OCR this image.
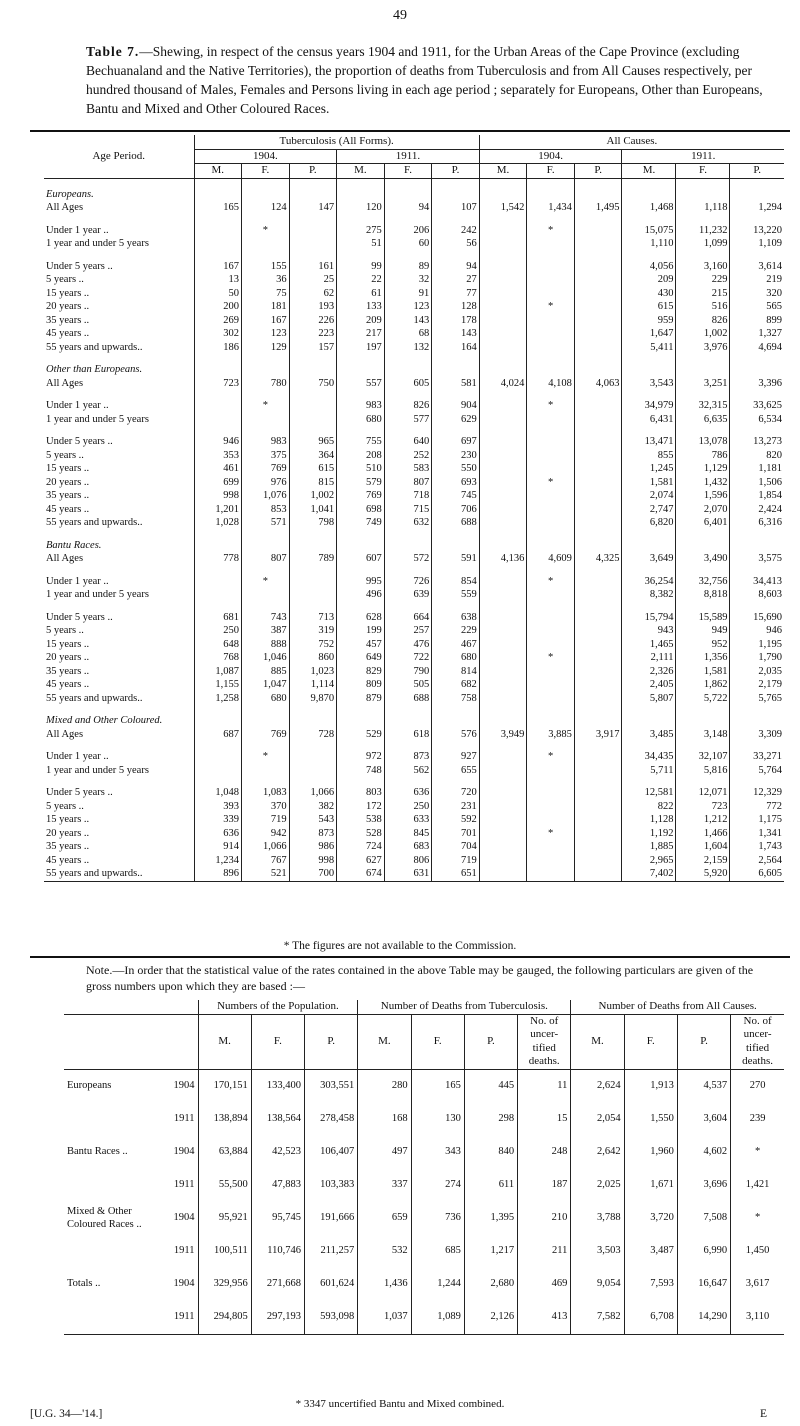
49
Table 7.—Shewing, in respect of the census years 1904 and 1911, for the Urban Areas of the Cape Province (excluding Bechuanaland and the Native Territories), the proportion of deaths from Tuberculosis and from All Causes respectively, per hundred thousand of Males, Females and Persons living in each age period ; separately for Europeans, Other than Europeans, Bantu and Mixed and Other Coloured Races.
Age Period.	Tuberculosis (All Forms).						All Causes.					
	1904.			1911.			1904.			1911.		
	M.	F.	P.	M.	F.	P.	M.	F.	P.	M.	F.	P.

Europeans.												
All Ages	165	124	147	120	94	107	1,542	1,434	1,495	1,468	1,118	1,294

Under 1 year ..		*		275	206	242		*		15,075	11,232	13,220
1 year and under 5 years				51	60	56				1,110	1,099	1,109

Under 5 years ..	167	155	161	99	89	94				4,056	3,160	3,614
5 years ..	13	36	25	22	32	27				209	229	219
15 years ..	50	75	62	61	91	77				430	215	320
20 years ..	200	181	193	133	123	128		*		615	516	565
35 years ..	269	167	226	209	143	178				959	826	899
45 years ..	302	123	223	217	68	143				1,647	1,002	1,327
55 years and upwards..	186	129	157	197	132	164				5,411	3,976	4,694

Other than Europeans.												
All Ages	723	780	750	557	605	581	4,024	4,108	4,063	3,543	3,251	3,396

Under 1 year ..		*		983	826	904		*		34,979	32,315	33,625
1 year and under 5 years				680	577	629				6,431	6,635	6,534

Under 5 years ..	946	983	965	755	640	697				13,471	13,078	13,273
5 years ..	353	375	364	208	252	230				855	786	820
15 years ..	461	769	615	510	583	550				1,245	1,129	1,181
20 years ..	699	976	815	579	807	693		*		1,581	1,432	1,506
35 years ..	998	1,076	1,002	769	718	745				2,074	1,596	1,854
45 years ..	1,201	853	1,041	698	715	706				2,747	2,070	2,424
55 years and upwards..	1,028	571	798	749	632	688				6,820	6,401	6,316

Bantu Races.												
All Ages	778	807	789	607	572	591	4,136	4,609	4,325	3,649	3,490	3,575

Under 1 year ..		*		995	726	854		*		36,254	32,756	34,413
1 year and under 5 years				496	639	559				8,382	8,818	8,603

Under 5 years ..	681	743	713	628	664	638				15,794	15,589	15,690
5 years ..	250	387	319	199	257	229				943	949	946
15 years ..	648	888	752	457	476	467				1,465	952	1,195
20 years ..	768	1,046	860	649	722	680		*		2,111	1,356	1,790
35 years ..	1,087	885	1,023	829	790	814				2,326	1,581	2,035
45 years ..	1,155	1,047	1,114	809	505	682				2,405	1,862	2,179
55 years and upwards..	1,258	680	9,870	879	688	758				5,807	5,722	5,765

Mixed and Other Coloured.												
All Ages	687	769	728	529	618	576	3,949	3,885	3,917	3,485	3,148	3,309

Under 1 year ..		*		972	873	927		*		34,435	32,107	33,271
1 year and under 5 years				748	562	655				5,711	5,816	5,764

Under 5 years ..	1,048	1,083	1,066	803	636	720				12,581	12,071	12,329
5 years ..	393	370	382	172	250	231				822	723	772
15 years ..	339	719	543	538	633	592				1,128	1,212	1,175
20 years ..	636	942	873	528	845	701		*		1,192	1,466	1,341
35 years ..	914	1,066	986	724	683	704				1,885	1,604	1,743
45 years ..	1,234	767	998	627	806	719				2,965	2,159	2,564
55 years and upwards..	896	521	700	674	631	651				7,402	5,920	6,605
* The figures are not available to the Commission.
Note.—In order that the statistical value of the rates contained in the above Table may be gauged, the following particulars are given of the gross numbers upon which they are based :—
		Numbers of the Population.			Number of Deaths from Tuberculosis.				Number of Deaths from All Causes.			
		M.	F.	P.	M.	F.	P.	No. of uncer-tified deaths.	M.	F.	P.	No. of uncer-tified deaths.
Europeans	1904	170,151	133,400	303,551	280	165	445	11	2,624	1,913	4,537	270
	1911	138,894	138,564	278,458	168	130	298	15	2,054	1,550	3,604	239
Bantu Races ..	1904	63,884	42,523	106,407	497	343	840	248	2,642	1,960	4,602	*
	1911	55,500	47,883	103,383	337	274	611	187	2,025	1,671	3,696	1,421
Mixed & Other Coloured Races ..	1904	95,921	95,745	191,666	659	736	1,395	210	3,788	3,720	7,508	*
	1911	100,511	110,746	211,257	532	685	1,217	211	3,503	3,487	6,990	1,450
Totals ..	1904	329,956	271,668	601,624	1,436	1,244	2,680	469	9,054	7,593	16,647	3,617
	1911	294,805	297,193	593,098	1,037	1,089	2,126	413	7,582	6,708	14,290	3,110
* 3347 uncertified Bantu and Mixed combined.
[U.G. 34—'14.]	E
